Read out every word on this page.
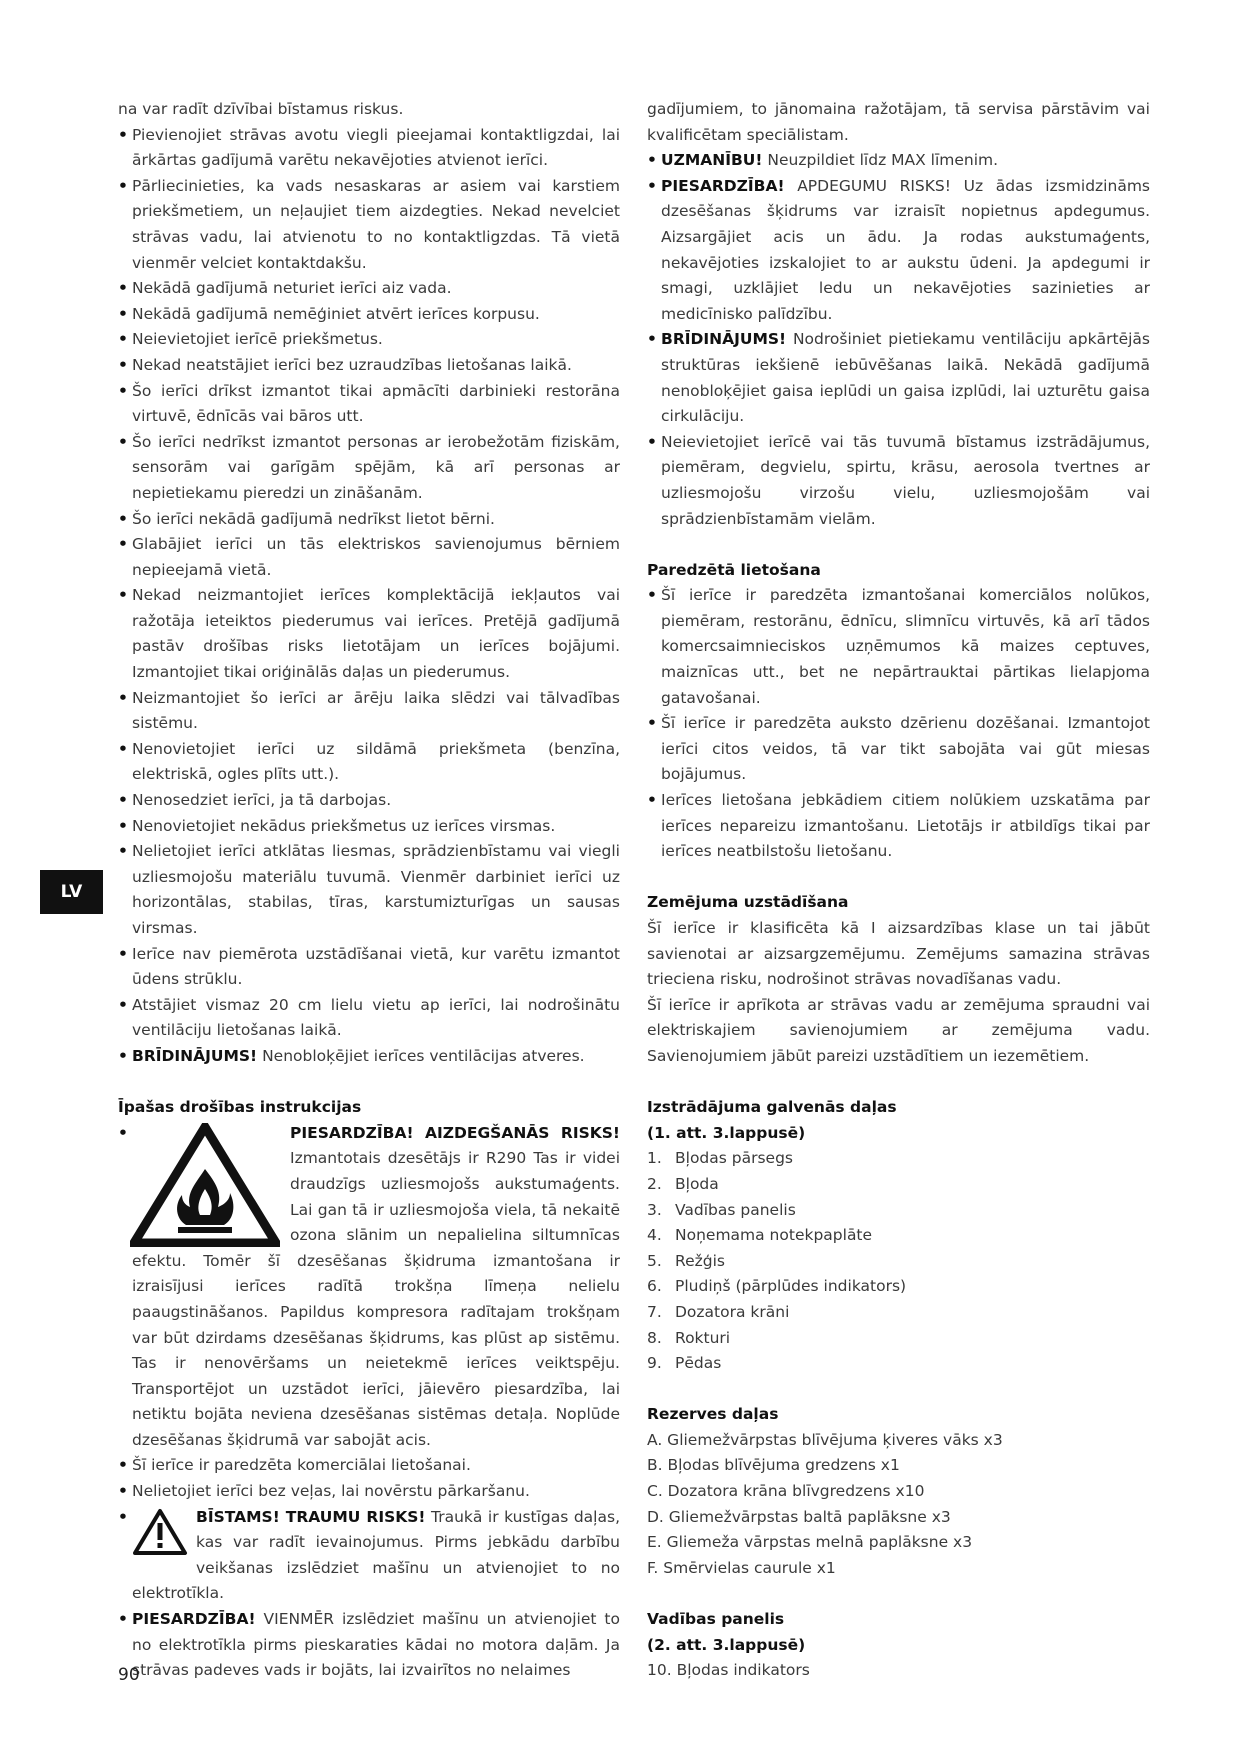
LV

na var radīt dzīvībai bīstamus riskus.

• Pievienojiet strāvas avotu viegli pieejamai kontaktligzdai, lai ārkārtas gadījumā varētu nekavējoties atvienot ierīci.
• Pārliecinieties, ka vads nesaskaras ar asiem vai karstiem priekšmetiem, un neļaujiet tiem aizdegties. Nekad nevelciet strāvas vadu, lai atvienotu to no kontaktligzdas. Tā vietā vienmēr velciet kontaktdakšu.
• Nekādā gadījumā neturiet ierīci aiz vada.
• Nekādā gadījumā nemēģiniet atvērt ierīces korpusu.
• Neievietojiet ierīcē priekšmetus.
• Nekad neatstājiet ierīci bez uzraudzības lietošanas laikā.
• Šo ierīci drīkst izmantot tikai apmācīti darbinieki restorāna virtuvē, ēdnīcās vai bāros utt.
• Šo ierīci nedrīkst izmantot personas ar ierobežotām fiziskām, sensorām vai garīgām spējām, kā arī personas ar nepietiekamu pieredzi un zināšanām.
• Šo ierīci nekādā gadījumā nedrīkst lietot bērni.
• Glabājiet ierīci un tās elektriskos savienojumus bērniem nepieejamā vietā.
• Nekad neizmantojiet ierīces komplektācijā iekļautos vai ražotāja ieteiktos piederumus vai ierīces. Pretējā gadījumā pastāv drošības risks lietotājam un ierīces bojājumi. Izmantojiet tikai oriģinālās daļas un piederumus.
• Neizmantojiet šo ierīci ar ārēju laika slēdzi vai tālvadības sistēmu.
• Nenovietojiet ierīci uz sildāmā priekšmeta (benzīna, elektriskā, ogles plīts utt.).
• Nenosedziet ierīci, ja tā darbojas.
• Nenovietojiet nekādus priekšmetus uz ierīces virsmas.
• Nelietojiet ierīci atklātas liesmas, sprādzienbīstamu vai viegli uzliesmojošu materiālu tuvumā. Vienmēr darbiniet ierīci uz horizontālas, stabilas, tīras, karstumizturīgas un sausas virsmas.
• Ierīce nav piemērota uzstādīšanai vietā, kur varētu izmantot ūdens strūklu.
• Atstājiet vismaz 20 cm lielu vietu ap ierīci, lai nodrošinātu ventilāciju lietošanas laikā.
• BRĪDINĀJUMS! Nenobloķējiet ierīces ventilācijas atveres.
Īpašas drošības instrukcijas
• PIESARDZĪBA! AIZDEGŠANĀS RISKS! Izmantotais dzesētājs ir R290 Tas ir videi draudzīgs uzliesmojošs aukstumaģents. Lai gan tā ir uzliesmojoša viela, tā nekaitē ozona slānim un nepalielina siltumnīcas efektu. Tomēr šī dzesēšanas šķidruma izmantošana ir izraisījusi ierīces radītā trokšņa līmeņa nelielu paaugstināšanos. Papildus kompresora radītajam trokšņam var būt dzirdams dzesēšanas šķidrums, kas plūst ap sistēmu. Tas ir nenovēršams un neietekmē ierīces veiktspēju. Transportējot un uzstādot ierīci, jāievēro piesardzība, lai netiktu bojāta neviena dzesēšanas sistēmas detaļa. Noplūde dzesēšanas šķidrumā var sabojāt acis.
• Šī ierīce ir paredzēta komerciālai lietošanai.
• Nelietojiet ierīci bez veļas, lai novērstu pārkaršanu.
• BĪSTAMS! TRAUMU RISKS! Traukā ir kustīgas daļas, kas var radīt ievainojumus. Pirms jebkādu darbību veikšanas izslēdziet mašīnu un atvienojiet to no elektrotīkla.
• PIESARDZĪBA! VIENMĒR izslēdziet mašīnu un atvienojiet to no elektrotīkla pirms pieskaraties kādai no motora daļām. Ja strāvas padeves vads ir bojāts, lai izvairītos no nelaimes

gadījumiem, to jānomaina ražotājam, tā servisa pārstāvim vai kvalificētam speciālistam.

• UZMANĪBU! Neuzpildiet līdz MAX līmenim.
• PIESARDZĪBA! APDEGUMU RISKS! Uz ādas izsmidzināms dzesēšanas šķidrums var izraisīt nopietnus apdegumus. Aizsargājiet acis un ādu. Ja rodas aukstumaģents, nekavējoties izskalojiet to ar aukstu ūdeni. Ja apdegumi ir smagi, uzklājiet ledu un nekavējoties sazinieties ar medicīnisko palīdzību.
• BRĪDINĀJUMS! Nodrošiniet pietiekamu ventilāciju apkārtējās struktūras iekšienē iebūvēšanas laikā. Nekādā gadījumā nenobloķējiet gaisa ieplūdi un gaisa izplūdi, lai uzturētu gaisa cirkulāciju.
• Neievietojiet ierīcē vai tās tuvumā bīstamus izstrādājumus, piemēram, degvielu, spirtu, krāsu, aerosola tvertnes ar uzliesmojošu virzošu vielu, uzliesmojošām vai sprādzienbīstamām vielām.
Paredzētā lietošana
• Šī ierīce ir paredzēta izmantošanai komerciālos nolūkos, piemēram, restorānu, ēdnīcu, slimnīcu virtuvēs, kā arī tādos komercsaimnieciskos uzņēmumos kā maizes ceptuves, maiznīcas utt., bet ne nepārtrauktai pārtikas lielapjoma gatavošanai.
• Šī ierīce ir paredzēta auksto dzērienu dozēšanai. Izmantojot ierīci citos veidos, tā var tikt sabojāta vai gūt miesas bojājumus.
• Ierīces lietošana jebkādiem citiem nolūkiem uzskatāma par ierīces nepareizu izmantošanu. Lietotājs ir atbildīgs tikai par ierīces neatbilstošu lietošanu.
Zemējuma uzstādīšana

Šī ierīce ir klasificēta kā I aizsardzības klase un tai jābūt savienotai ar aizsargzemējumu. Zemējums samazina strāvas triecienа risku, nodrošinot strāvas novadīšanas vadu.

Šī ierīce ir aprīkota ar strāvas vadu ar zemējuma spraudni vai elektriskajiem savienojumiem ar zemējuma vadu. Savienojumiem jābūt pareizi uzstādītiem un iezemētiem.

Izstrādājuma galvenās daļas
(1. att. 3.lappusē)
1. Bļodas pārsegs
2. Bļoda
3. Vadības panelis
4. Noņemama notekpaplāte
5. Režģis
6. Pludiņš (pārplūdes indikators)
7. Dozatora krāni
8. Rokturi
9. Pēdas
Rezerves daļas
A. Gliemežvārpstas blīvējuma ķiveres vāks x3
B. Bļodas blīvējuma gredzens x1
C. Dozatora krāna blīvgredzens x10
D. Gliemežvārpstas baltā paplāksne x3
E. Gliemeža vārpstas melnā paplāksne x3
F. Smērvielas caurule x1
Vadības panelis
(2. att. 3.lappusē)
10. Bļodas indikators
90
